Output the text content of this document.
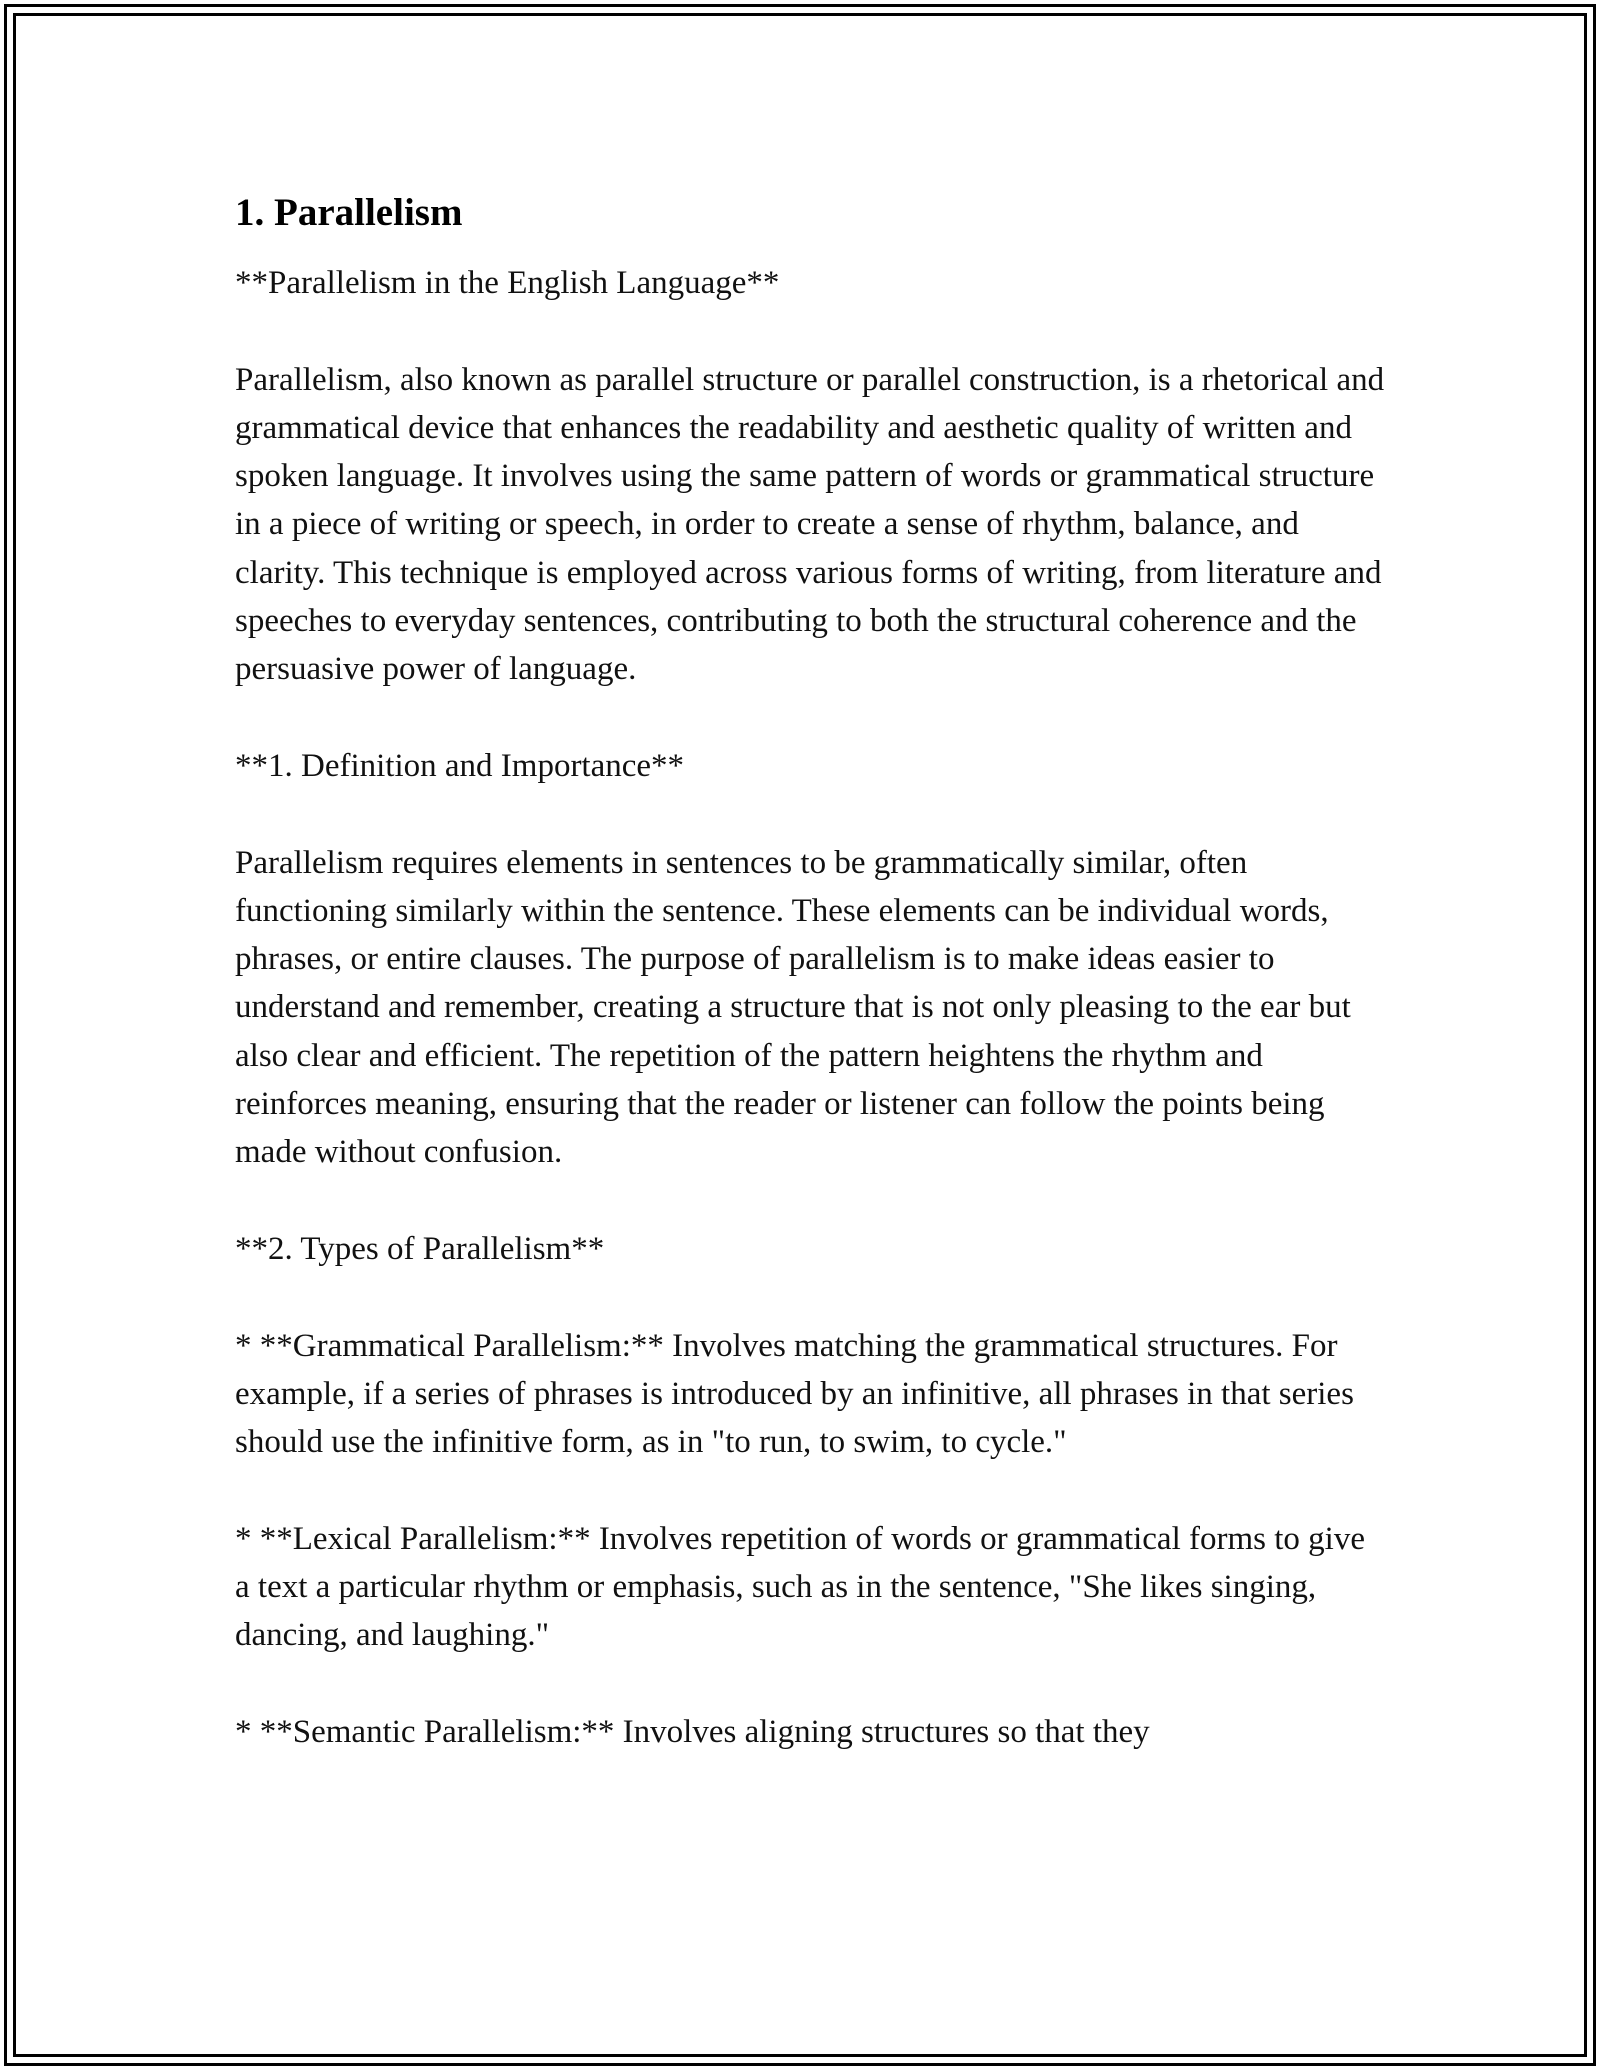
1. Parallelism

**Parallelism in the English Language**

Parallelism, also known as parallel structure or parallel construction, is a rhetorical and grammatical device that enhances the readability and aesthetic quality of written and spoken language. It involves using the same pattern of words or grammatical structure in a piece of writing or speech, in order to create a sense of rhythm, balance, and clarity. This technique is employed across various forms of writing, from literature and speeches to everyday sentences, contributing to both the structural coherence and the persuasive power of language.

**1. Definition and Importance**

Parallelism requires elements in sentences to be grammatically similar, often functioning similarly within the sentence. These elements can be individual words, phrases, or entire clauses. The purpose of parallelism is to make ideas easier to understand and remember, creating a structure that is not only pleasing to the ear but also clear and efficient. The repetition of the pattern heightens the rhythm and reinforces meaning, ensuring that the reader or listener can follow the points being made without confusion.

**2. Types of Parallelism**

* **Grammatical Parallelism:** Involves matching the grammatical structures. For example, if a series of phrases is introduced by an infinitive, all phrases in that series should use the infinitive form, as in "to run, to swim, to cycle."

* **Lexical Parallelism:** Involves repetition of words or grammatical forms to give a text a particular rhythm or emphasis, such as in the sentence, "She likes singing, dancing, and laughing."

* **Semantic Parallelism:** Involves aligning structures so that they
